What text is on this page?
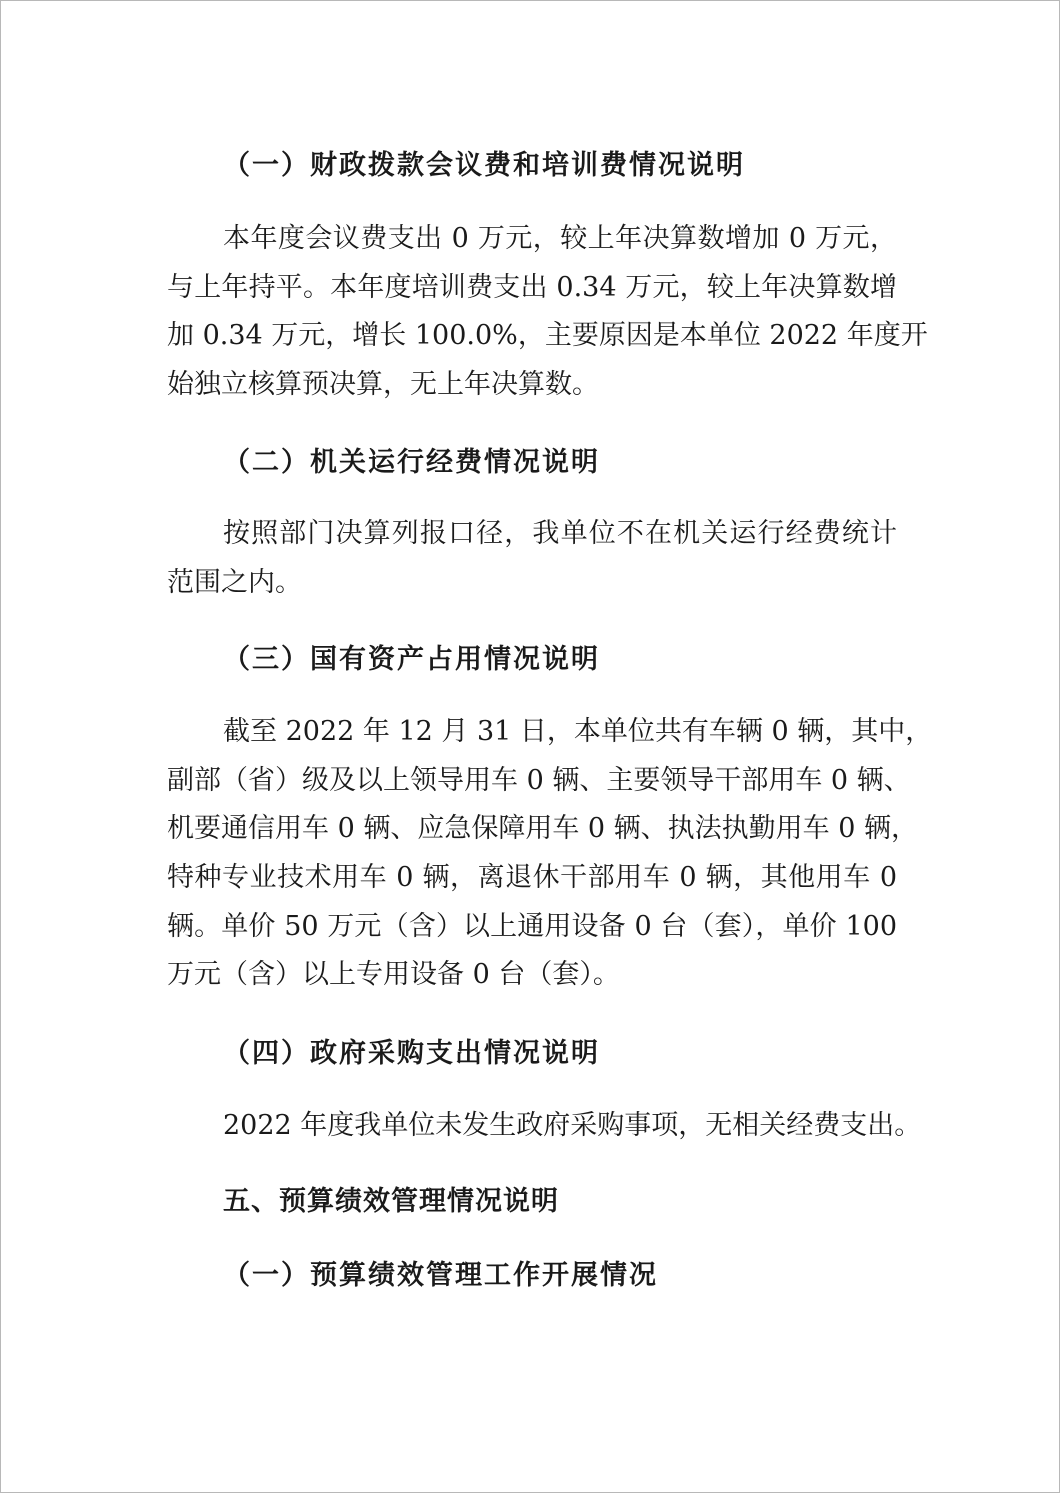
（一）财政拨款会议费和培训费情况说明
本年度会议费支出 0 万元，较上年决算数增加 0 万元，
与上年持平。本年度培训费支出 0.34 万元，较上年决算数增
加 0.34 万元，增长 100.0%，主要原因是本单位 2022 年度开
始独立核算预决算，无上年决算数。
（二）机关运行经费情况说明
按照部门决算列报口径，我单位不在机关运行经费统计
范围之内。
（三）国有资产占用情况说明
截至 2022 年 12 月 31 日，本单位共有车辆 0 辆，其中，
副部（省）级及以上领导用车 0 辆、主要领导干部用车 0 辆、
机要通信用车 0 辆、应急保障用车 0 辆、执法执勤用车 0 辆，
特种专业技术用车 0 辆，离退休干部用车 0 辆，其他用车 0
辆。单价 50 万元（含）以上通用设备 0 台（套），单价 100
万元（含）以上专用设备 0 台（套）。
（四）政府采购支出情况说明
2022 年度我单位未发生政府采购事项，无相关经费支出。
五、预算绩效管理情况说明
（一）预算绩效管理工作开展情况
